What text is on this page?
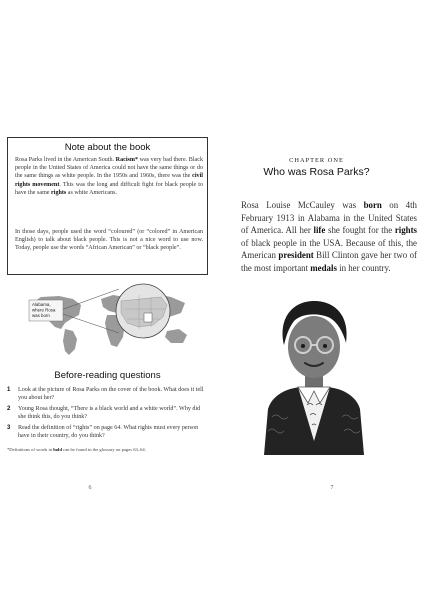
Note about the book
Rosa Parks lived in the American South. Racism* was very bad there. Black people in the United States of America could not have the same things or do the same things as white people. In the 1950s and 1960s, there was the civil rights movement. This was the long and difficult fight for black people to have the same rights as white Americans.
In those days, people used the word “coloured” (or “colored” in American English) to talk about black people. This is not a nice word to use now. Today, people use the words “African American” or “black people”.
Alabama,
where Rosa
was born
Before-reading questions
1 Look at the picture of Rosa Parks on the cover of the book. What does it tell you about her?
2 Young Rosa thought, “There is a black world and a white world”. Why did she think this, do you think?
3 Read the definition of “rights” on page 64. What rights must every person have in their country, do you think?
*Definitions of words in bold can be found in the glossary on pages 63–64.
6
CHAPTER ONE
Who was Rosa Parks?
Rosa Louise McCauley was born on 4th February 1913 in Alabama in the United States of America. All her life she fought for the rights of black people in the USA. Because of this, the American president Bill Clinton gave her two of the most important medals in her country.
7
